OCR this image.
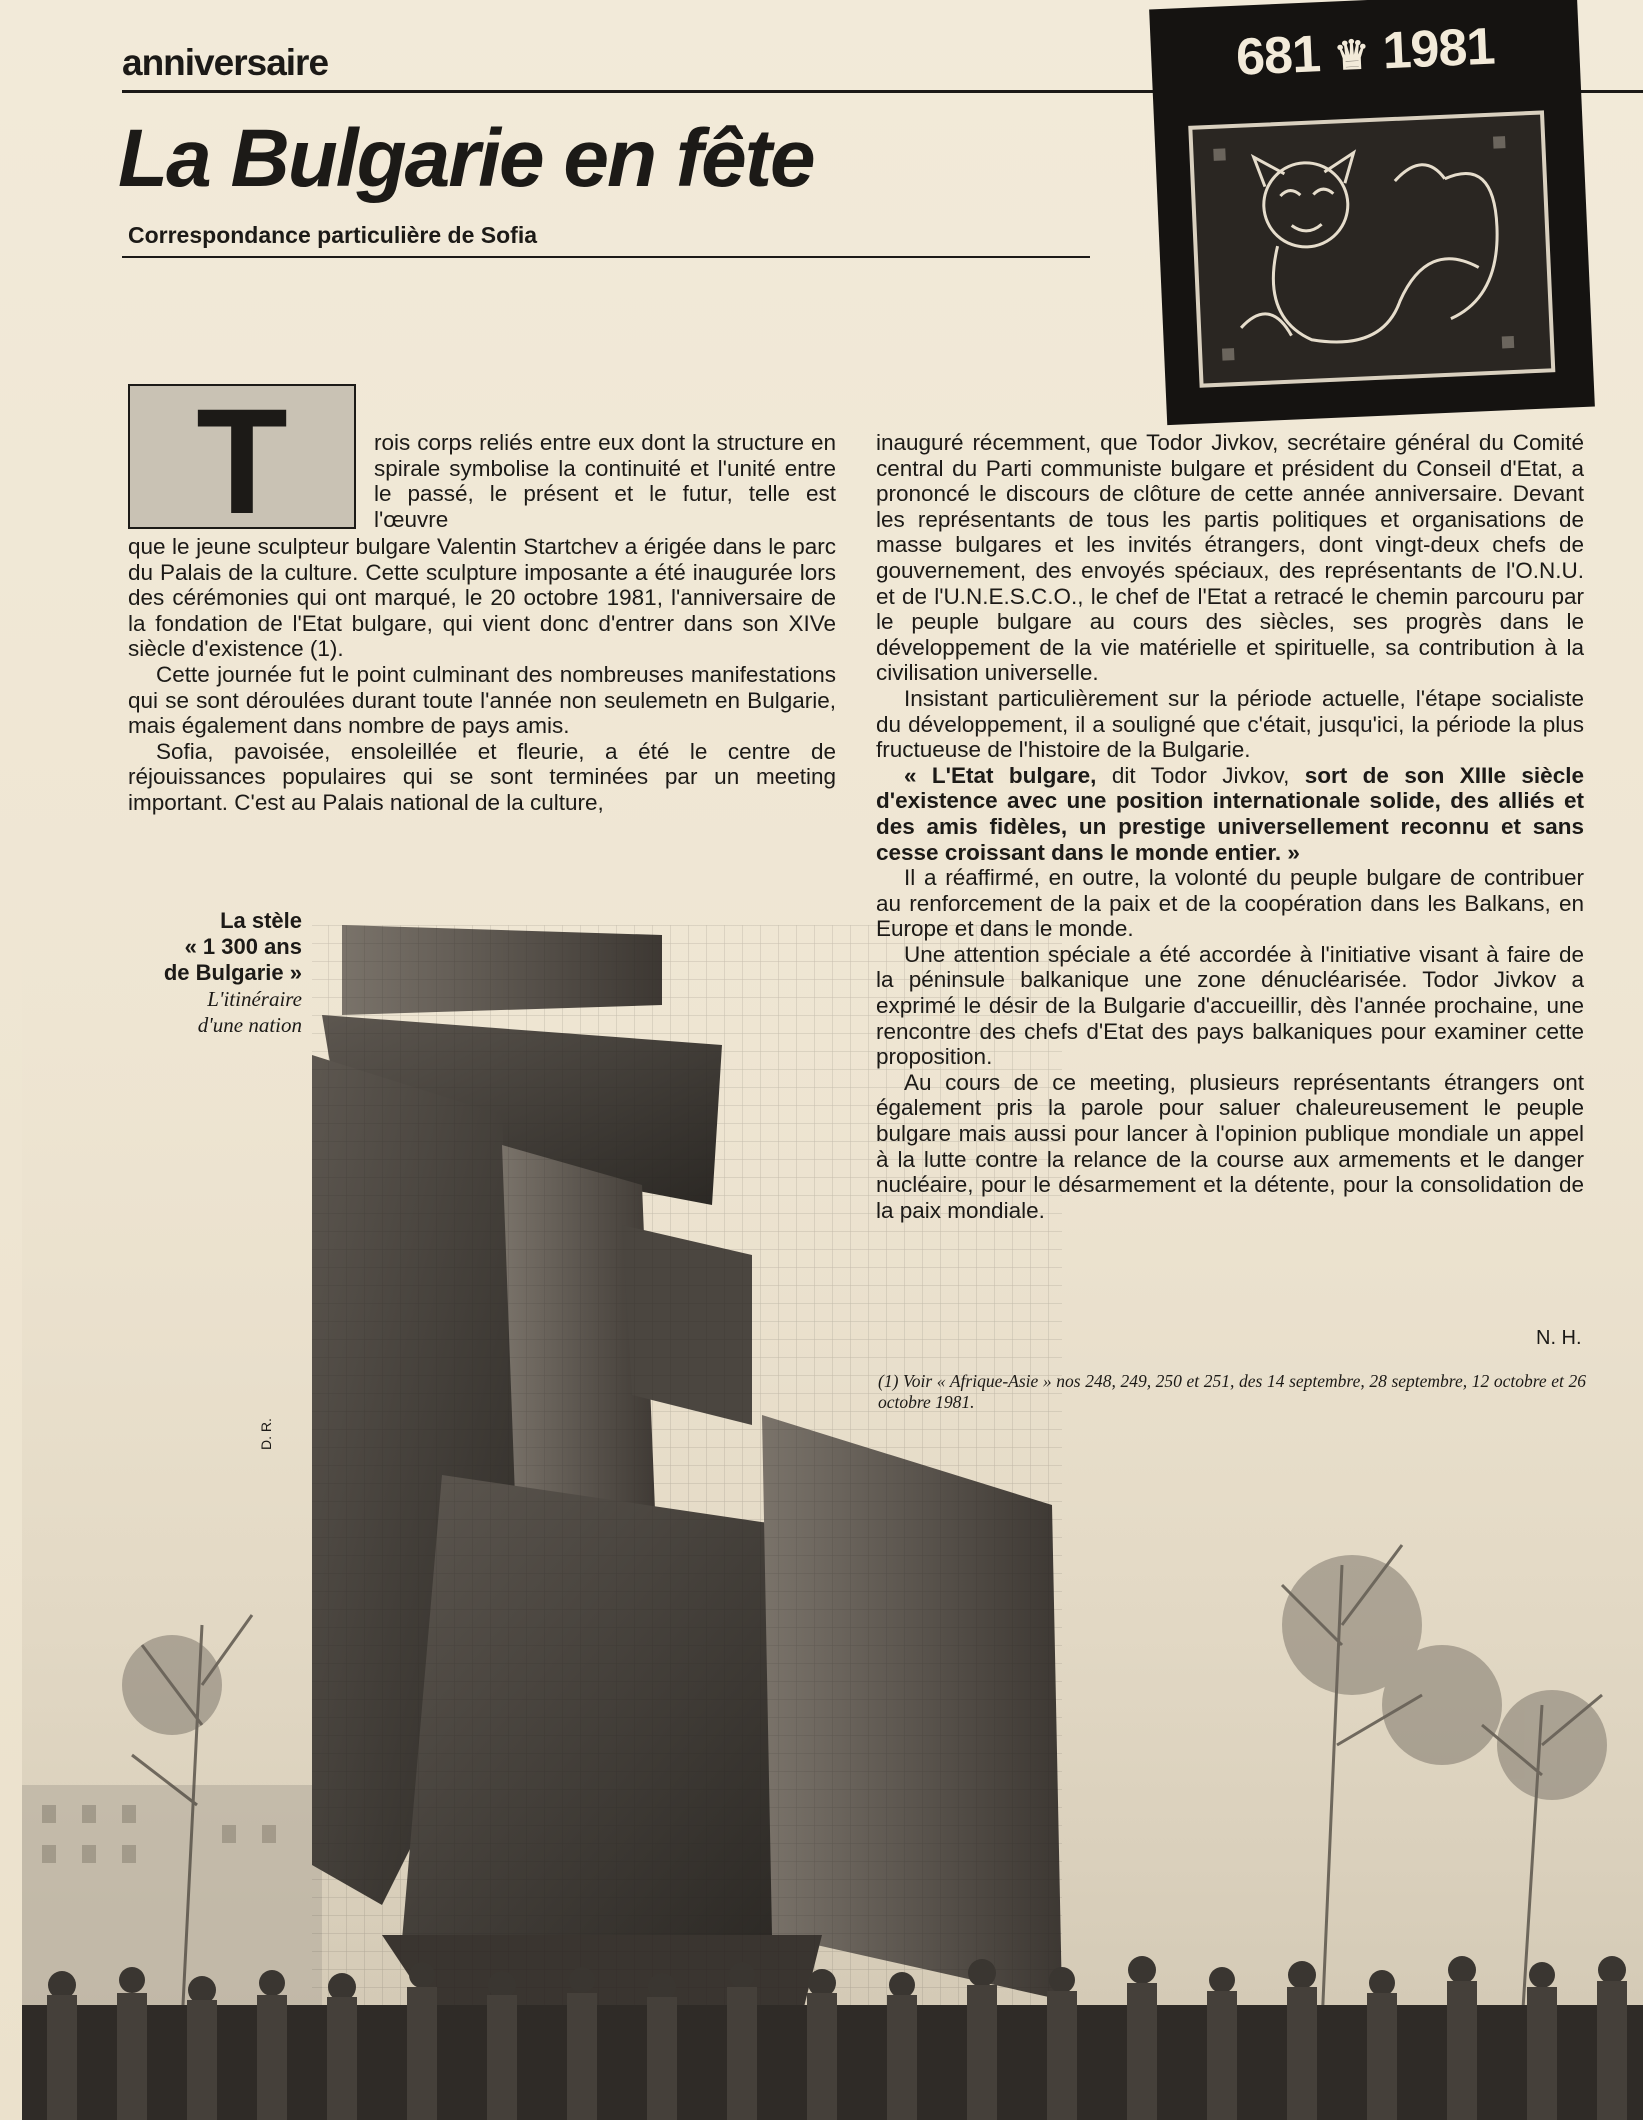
anniversaire
La Bulgarie en fête
Correspondance particulière de Sofia
D. R.
681 ♛ 1981
T	rois corps reliés entre eux dont la structure en spirale symbolise la continuité et l'unité entre le passé, le présent et le futur, telle est l'œuvre

que le jeune sculpteur bulgare Valentin Startchev a érigée dans le parc du Palais de la culture. Cette sculpture imposante a été inaugurée lors des cérémonies qui ont marqué, le 20 octobre 1981, l'anniversaire de la fondation de l'Etat bulgare, qui vient donc d'entrer dans son XIVe siècle d'existence (1).

Cette journée fut le point culminant des nombreuses manifestations qui se sont déroulées durant toute l'année non seulemetn en Bulgarie, mais également dans nombre de pays amis.

Sofia, pavoisée, ensoleillée et fleurie, a été le centre de réjouissances populaires qui se sont terminées par un meeting important. C'est au Palais national de la culture,

La stèle
« 1 300 ans
de Bulgarie »
L'itinéraire
d'une nation

inauguré récemment, que Todor Jivkov, secrétaire général du Comité central du Parti communiste bulgare et président du Conseil d'Etat, a prononcé le discours de clôture de cette année anniversaire. Devant les représentants de tous les partis politiques et organisations de masse bulgares et les invités étrangers, dont vingt-deux chefs de gouvernement, des envoyés spéciaux, des représentants de l'O.N.U. et de l'U.N.E.S.C.O., le chef de l'Etat a retracé le chemin parcouru par le peuple bulgare au cours des siècles, ses progrès dans le développement de la vie matérielle et spirituelle, sa contribution à la civilisation universelle.

Insistant particulièrement sur la période actuelle, l'étape socialiste du développement, il a souligné que c'était, jusqu'ici, la période la plus fructueuse de l'histoire de la Bulgarie.

« L'Etat bulgare, dit Todor Jivkov, sort de son XIIIe siècle d'existence avec une position internationale solide, des alliés et des amis fidèles, un prestige universellement reconnu et sans cesse croissant dans le monde entier. »

Il a réaffirmé, en outre, la volonté du peuple bulgare de contribuer au renforcement de la paix et de la coopération dans les Balkans, en Europe et dans le monde.

Une attention spéciale a été accordée à l'initiative visant à faire de la péninsule balkanique une zone dénucléarisée. Todor Jivkov a exprimé le désir de la Bulgarie d'accueillir, dès l'année prochaine, une rencontre des chefs d'Etat des pays balkaniques pour examiner cette proposition.

Au cours de ce meeting, plusieurs représentants étrangers ont également pris la parole pour saluer chaleureusement le peuple bulgare mais aussi pour lancer à l'opinion publique mondiale un appel à la lutte contre la relance de la course aux armements et le danger nucléaire, pour le désarmement et la détente, pour la consolidation de la paix mondiale.

N. H.
(1) Voir « Afrique-Asie » nos 248, 249, 250 et 251, des 14 septembre, 28 septembre, 12 octobre et 26 octobre 1981.
